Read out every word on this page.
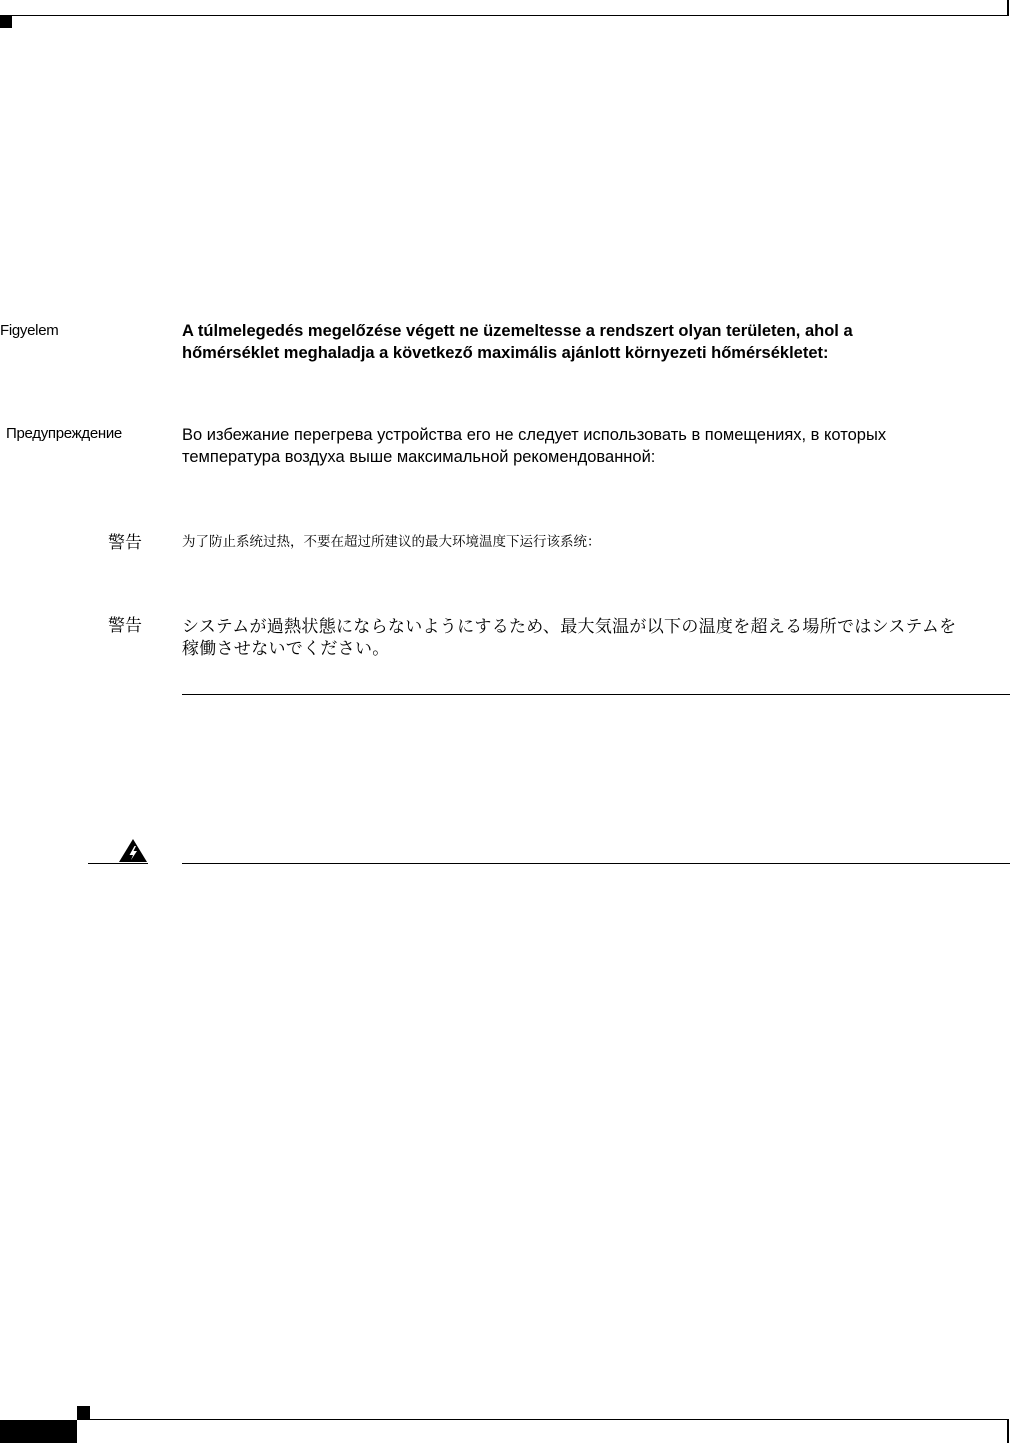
Figyelem	A túlmelegedés megelőzése végett ne üzemeltesse a rendszert olyan területen, ahol a
hőmérséklet meghaladja a következő maximális ajánlott környezeti hőmérsékletet:
Предупреждение	Во избежание перегрева устройства его не следует использовать в помещениях, в которых
температура воздуха выше максимальной рекомендованной:
警告	为了防止系统过热，不要在超过所建议的最大环境温度下运行该系统：
警告 システムが過熱状態にならないようにするため、最大気温が以下の温度を超える場所ではシステムを
稼働させないでください。
